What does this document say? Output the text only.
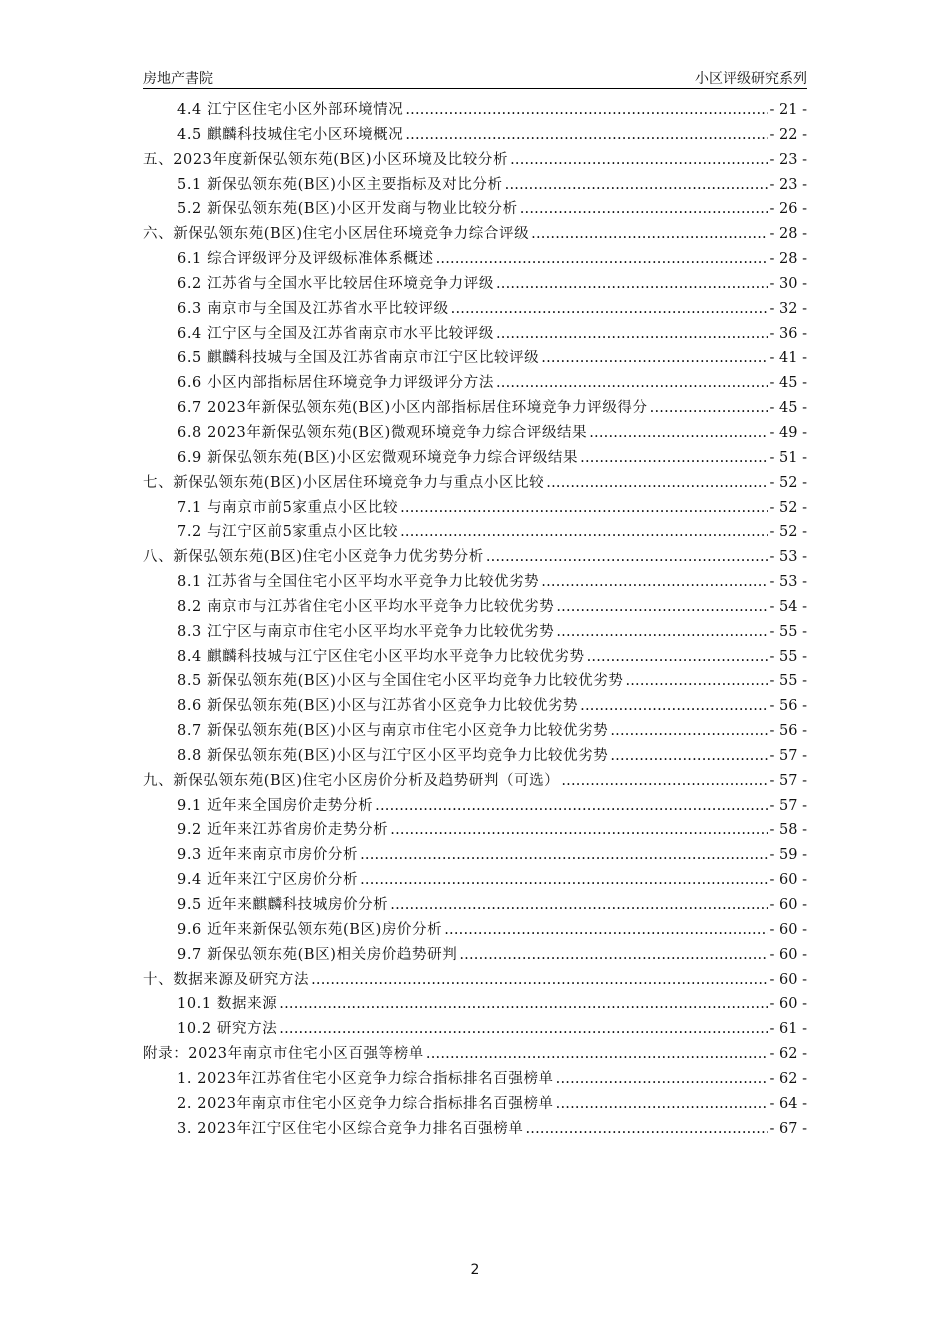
房地产書院	小区评级研究系列
4.4 江宁区住宅小区外部环境情况 .....	- 21 -
4.5 麒麟科技城住宅小区环境概况 .....	- 22 -
五、2023年度新保弘领东苑(B区)小区环境及比较分析 .....	- 23 -
5.1 新保弘领东苑(B区)小区主要指标及对比分析 .....	- 23 -
5.2 新保弘领东苑(B区)小区开发商与物业比较分析 .....	- 26 -
六、新保弘领东苑(B区)住宅小区居住环境竞争力综合评级 .....	- 28 -
6.1 综合评级评分及评级标准体系概述 .....	- 28 -
6.2 江苏省与全国水平比较居住环境竞争力评级 .....	- 30 -
6.3 南京市与全国及江苏省水平比较评级 .....	- 32 -
6.4 江宁区与全国及江苏省南京市水平比较评级 .....	- 36 -
6.5 麒麟科技城与全国及江苏省南京市江宁区比较评级 .....	- 41 -
6.6 小区内部指标居住环境竞争力评级评分方法 .....	- 45 -
6.7 2023年新保弘领东苑(B区)小区内部指标居住环境竞争力评级得分 .....	- 45 -
6.8 2023年新保弘领东苑(B区)微观环境竞争力综合评级结果 .....	- 49 -
6.9 新保弘领东苑(B区)小区宏微观环境竞争力综合评级结果 .....	- 51 -
七、新保弘领东苑(B区)小区居住环境竞争力与重点小区比较 .....	- 52 -
7.1 与南京市前5家重点小区比较 .....	- 52 -
7.2 与江宁区前5家重点小区比较 .....	- 52 -
八、新保弘领东苑(B区)住宅小区竞争力优劣势分析 .....	- 53 -
8.1 江苏省与全国住宅小区平均水平竞争力比较优劣势 .....	- 53 -
8.2 南京市与江苏省住宅小区平均水平竞争力比较优劣势 .....	- 54 -
8.3 江宁区与南京市住宅小区平均水平竞争力比较优劣势 .....	- 55 -
8.4 麒麟科技城与江宁区住宅小区平均水平竞争力比较优劣势 .....	- 55 -
8.5 新保弘领东苑(B区)小区与全国住宅小区平均竞争力比较优劣势 .....	- 55 -
8.6 新保弘领东苑(B区)小区与江苏省小区竞争力比较优劣势 .....	- 56 -
8.7 新保弘领东苑(B区)小区与南京市住宅小区竞争力比较优劣势 .....	- 56 -
8.8 新保弘领东苑(B区)小区与江宁区小区平均竞争力比较优劣势 .....	- 57 -
九、新保弘领东苑(B区)住宅小区房价分析及趋势研判（可选） .....	- 57 -
9.1 近年来全国房价走势分析 .....	- 57 -
9.2 近年来江苏省房价走势分析 .....	- 58 -
9.3 近年来南京市房价分析 .....	- 59 -
9.4 近年来江宁区房价分析 .....	- 60 -
9.5 近年来麒麟科技城房价分析 .....	- 60 -
9.6 近年来新保弘领东苑(B区)房价分析 .....	- 60 -
9.7 新保弘领东苑(B区)相关房价趋势研判 .....	- 60 -
十、数据来源及研究方法 .....	- 60 -
10.1 数据来源 .....	- 60 -
10.2 研究方法 .....	- 61 -
附录：2023年南京市住宅小区百强等榜单 .....	- 62 -
1. 2023年江苏省住宅小区竞争力综合指标排名百强榜单 .....	- 62 -
2. 2023年南京市住宅小区竞争力综合指标排名百强榜单 .....	- 64 -
3. 2023年江宁区住宅小区综合竞争力排名百强榜单 .....	- 67 -
2
